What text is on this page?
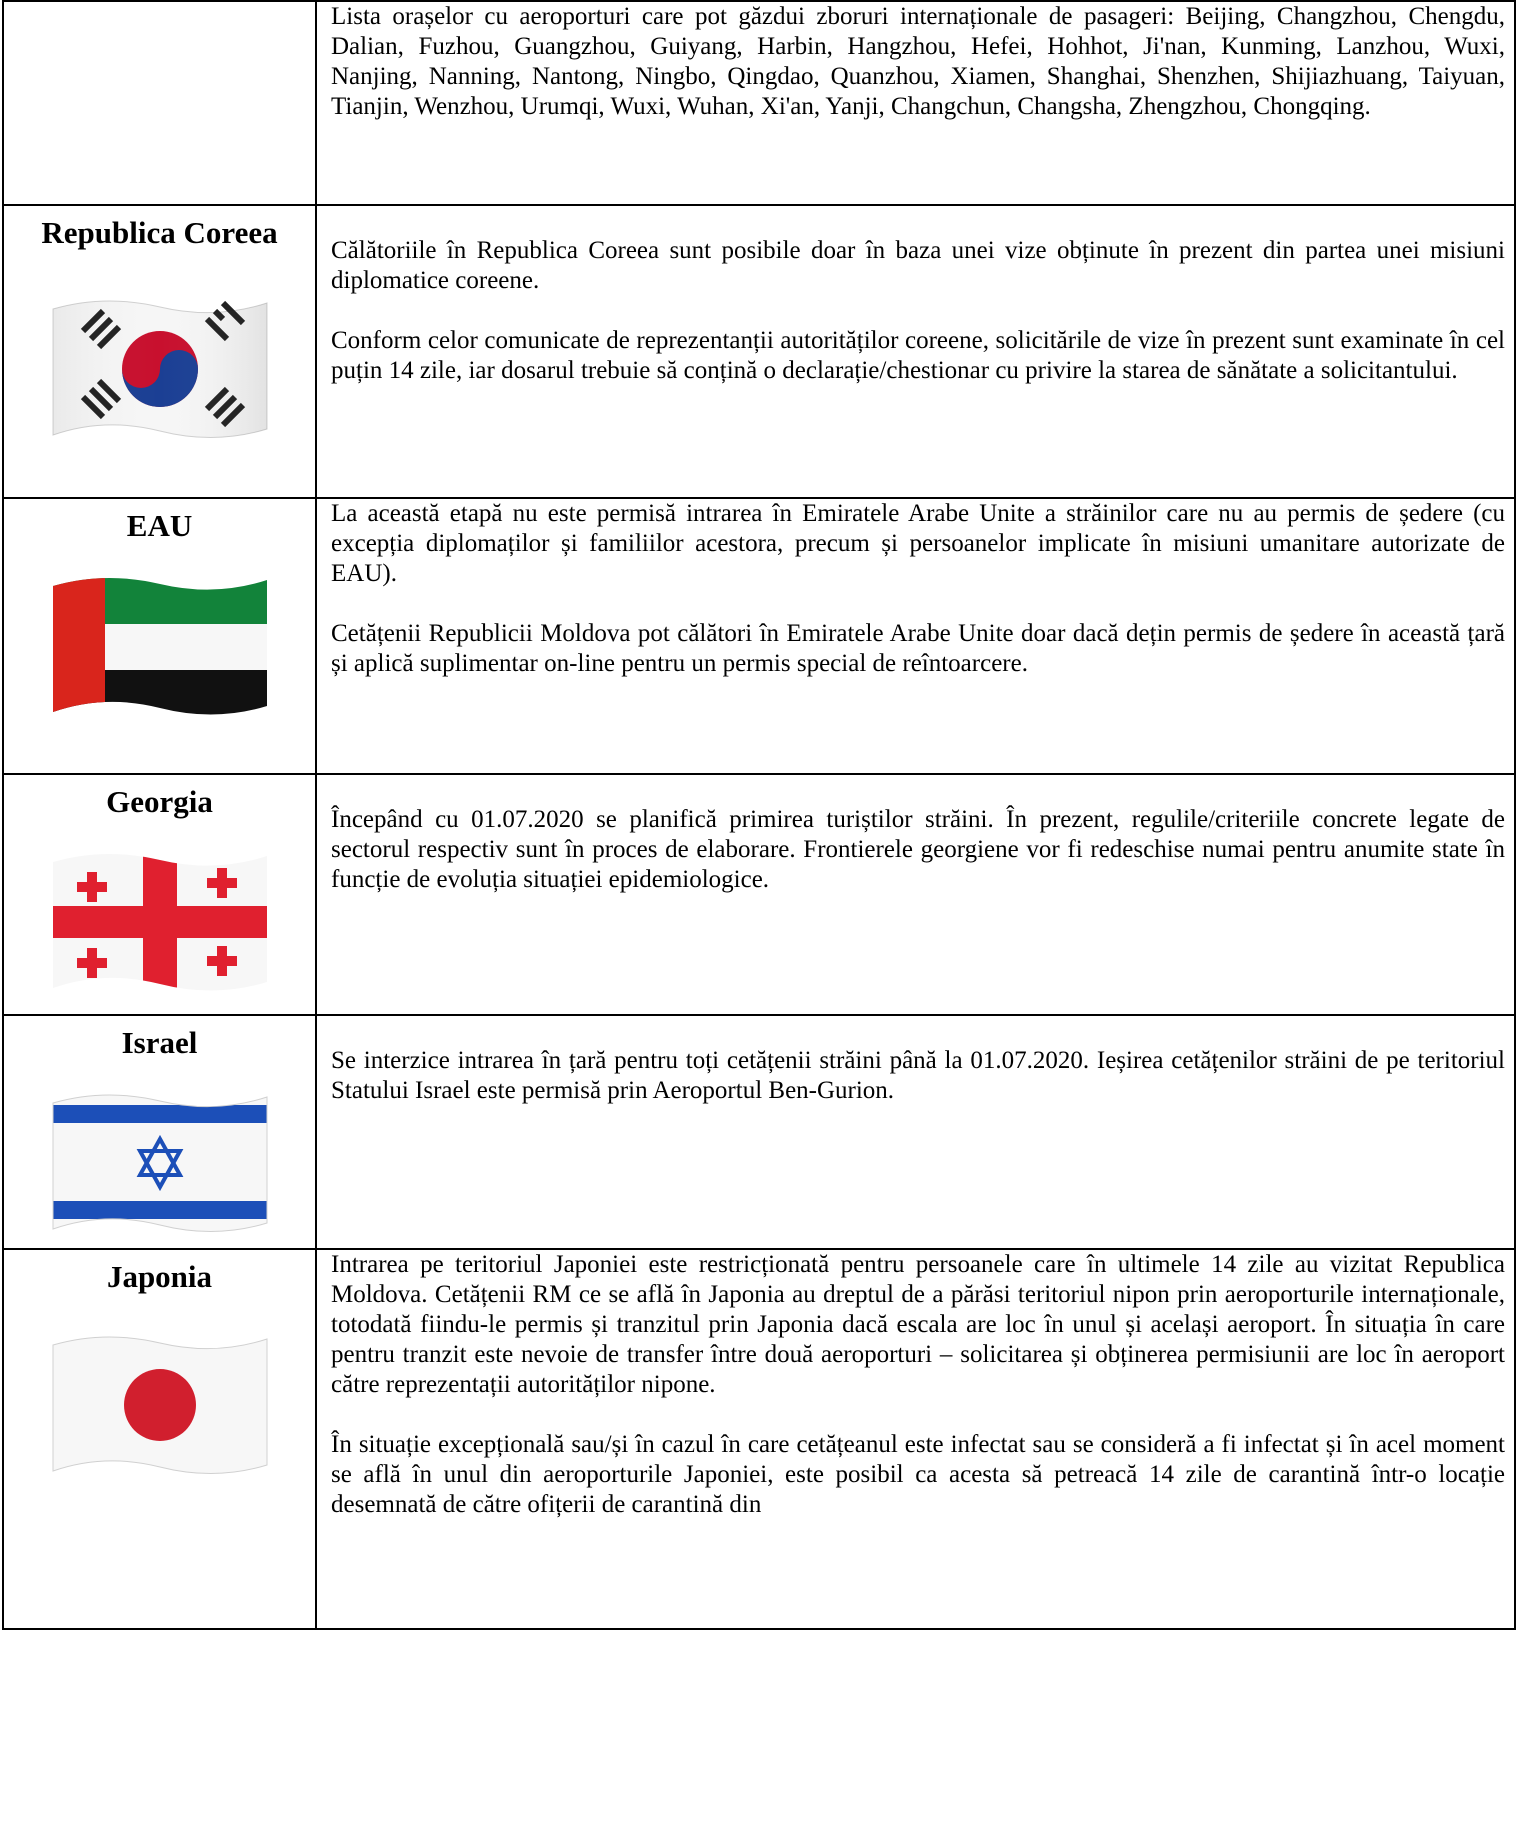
	Lista orașelor cu aeroporturi care pot găzdui zboruri internaționale de pasageri: Beijing, Changzhou, Chengdu, Dalian, Fuzhou, Guangzhou, Guiyang, Harbin, Hangzhou, Hefei, Hohhot, Ji'nan, Kunming, Lanzhou, Wuxi, Nanjing, Nanning, Nantong, Ningbo, Qingdao, Quanzhou, Xiamen, Shanghai, Shenzhen, Shijiazhuang, Taiyuan, Tianjin, Wenzhou, Urumqi, Wuxi, Wuhan, Xi'an, Yanji, Changchun, Changsha, Zhengzhou, Chongqing.

Republica Coreea	Călătoriile în Republica Coreea sunt posibile doar în baza unei vize obținute în prezent din partea unei misiuni diplomatice coreene.

Conform celor comunicate de reprezentanții autorităților coreene, solicitările de vize în prezent sunt examinate în cel puțin 14 zile, iar dosarul trebuie să conțină o declarație/chestionar cu privire la starea de sănătate a solicitantului.

EAU	La această etapă nu este permisă intrarea în Emiratele Arabe Unite a străinilor care nu au permis de ședere (cu excepția diplomaților și familiilor acestora, precum și persoanelor implicate în misiuni umanitare autorizate de EAU).

Cetățenii Republicii Moldova pot călători în Emiratele Arabe Unite doar dacă dețin permis de ședere în această țară și aplică suplimentar on-line pentru un permis special de reîntoarcere.

Georgia	Începând cu 01.07.2020 se planifică primirea turiștilor străini. În prezent, regulile/criteriile concrete legate de sectorul respectiv sunt în proces de elaborare. Frontierele georgiene vor fi redeschise numai pentru anumite state în funcție de evoluția situației epidemiologice.

Israel	Se interzice intrarea în țară pentru toți cetățenii străini până la 01.07.2020. Ieșirea cetățenilor străini de pe teritoriul Statului Israel este permisă prin Aeroportul Ben-Gurion.

Japonia	Intrarea pe teritoriul Japoniei este restricționată pentru persoanele care în ultimele 14 zile au vizitat Republica Moldova. Cetățenii RM ce se află în Japonia au dreptul de a părăsi teritoriul nipon prin aeroporturile internaționale, totodată fiindu-le permis și tranzitul prin Japonia dacă escala are loc în unul și același aeroport. În situația în care pentru tranzit este nevoie de transfer între două aeroporturi – solicitarea și obținerea permisiunii are loc în aeroport către reprezentații autorităților nipone.

În situație excepțională sau/și în cazul în care cetățeanul este infectat sau se consideră a fi infectat și în acel moment se află în unul din aeroporturile Japoniei, este posibil ca acesta să petreacă 14 zile de carantină într-o locație desemnată de către ofițerii de carantină din
